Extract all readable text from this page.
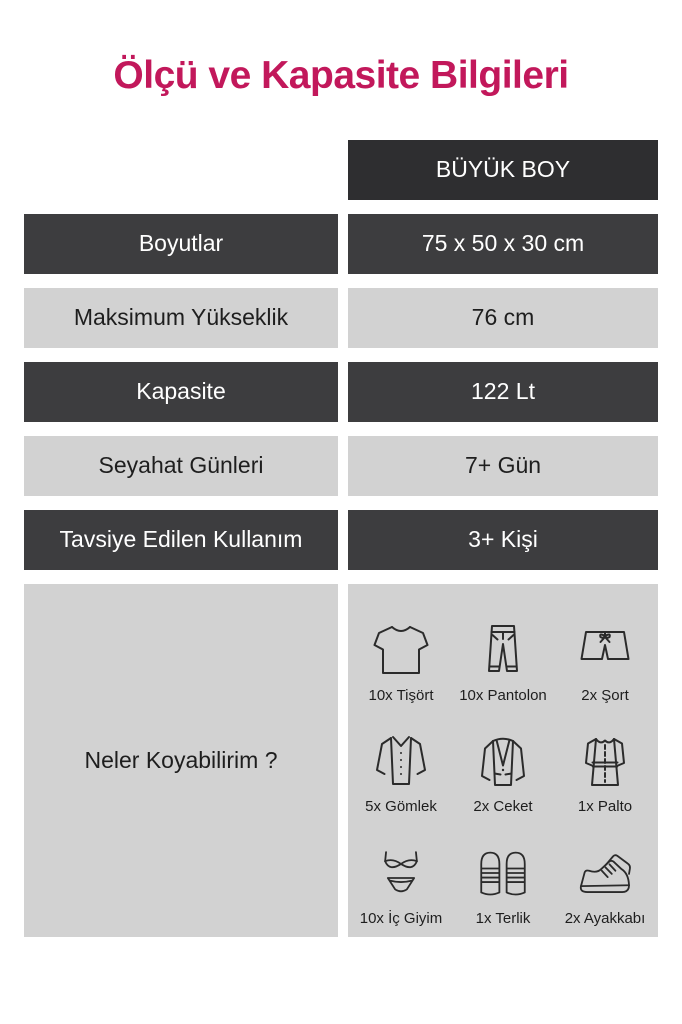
Ölçü ve Kapasite Bilgileri
BÜYÜK BOY
Boyutlar	75 x 50 x 30 cm
Maksimum Yükseklik	76 cm
Kapasite	122 Lt
Seyahat Günleri	7+ Gün
Tavsiye Edilen Kullanım	3+ Kişi
Neler Koyabilirim ?
10x Tişört 10x Pantolon 2x Şort
5x Gömlek 2x Ceket	1x Palto
10x İç Giyim 1x Terlik 2x Ayakkabı
